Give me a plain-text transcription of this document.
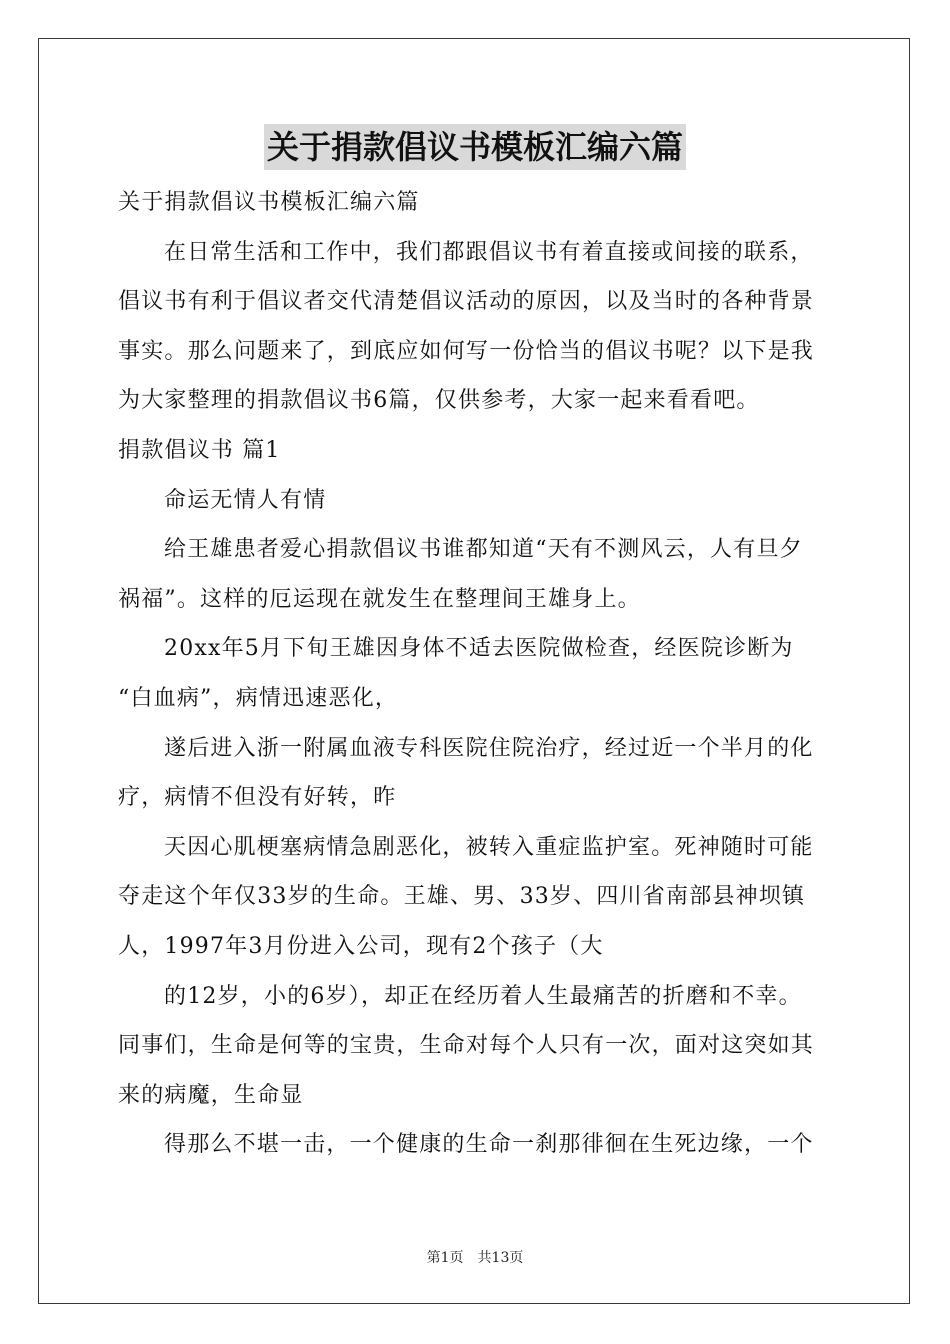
关于捐款倡议书模板汇编六篇
关于捐款倡议书模板汇编六篇
在日常生活和工作中，我们都跟倡议书有着直接或间接的联系，
倡议书有利于倡议者交代清楚倡议活动的原因，以及当时的各种背景
事实。那么问题来了，到底应如何写一份恰当的倡议书呢？以下是我
为大家整理的捐款倡议书6篇，仅供参考，大家一起来看看吧。
捐款倡议书 篇1
命运无情人有情
给王雄患者爱心捐款倡议书谁都知道“天有不测风云，人有旦夕
祸福”。这样的厄运现在就发生在整理间王雄身上。
20xx年5月下旬王雄因身体不适去医院做检查，经医院诊断为
“白血病”，病情迅速恶化，
遂后进入浙一附属血液专科医院住院治疗，经过近一个半月的化
疗，病情不但没有好转，昨
天因心肌梗塞病情急剧恶化，被转入重症监护室。死神随时可能
夺走这个年仅33岁的生命。王雄、男、33岁、四川省南部县神坝镇
人，1997年3月份进入公司，现有2个孩子（大
的12岁，小的6岁），却正在经历着人生最痛苦的折磨和不幸。
同事们，生命是何等的宝贵，生命对每个人只有一次，面对这突如其
来的病魔，生命显
得那么不堪一击，一个健康的生命一刹那徘徊在生死边缘，一个
第1页 共13页
